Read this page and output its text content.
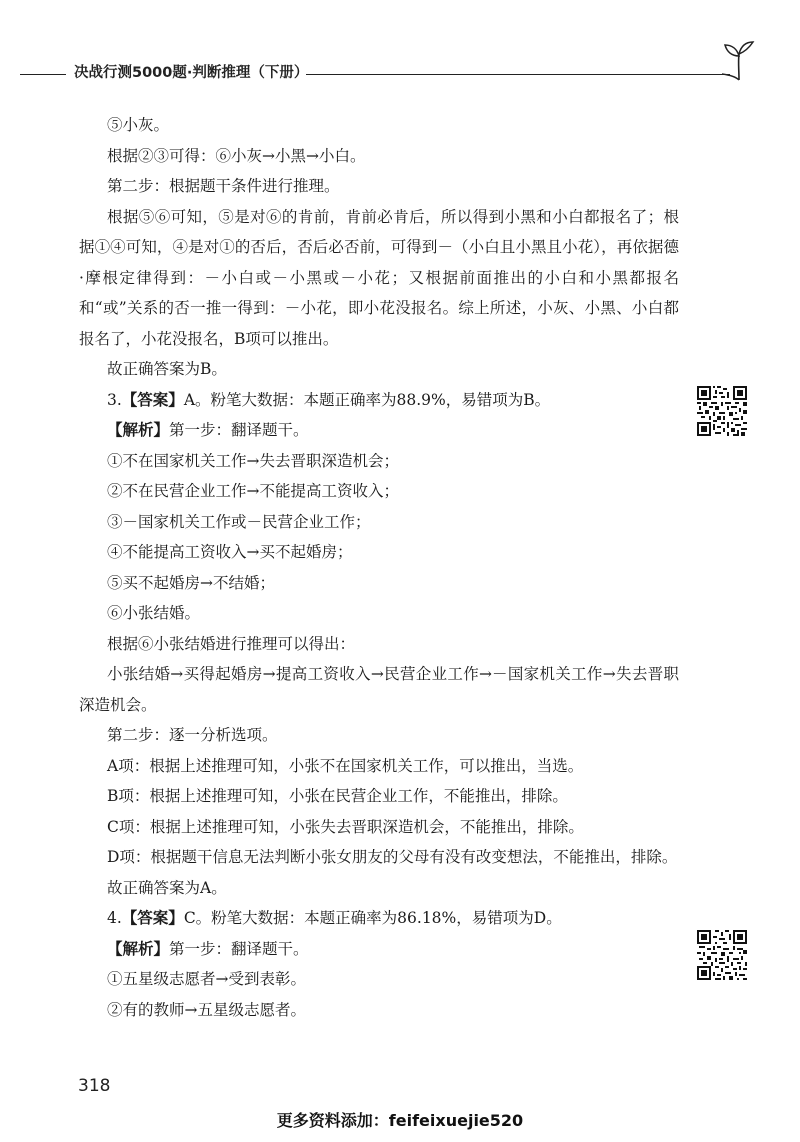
决战行测5000题·判断推理（下册）

⑤小灰。

根据②③可得：⑥小灰→小黑→小白。

第二步：根据题干条件进行推理。

根据⑤⑥可知，⑤是对⑥的肯前，肯前必肯后，所以得到小黑和小白都报名了；根据①④可知，④是对①的否后，否后必否前，可得到－（小白且小黑且小花），再依据德·摩根定律得到：－小白或－小黑或－小花；又根据前面推出的小白和小黑都报名和“或”关系的否一推一得到：－小花，即小花没报名。综上所述，小灰、小黑、小白都报名了，小花没报名，B项可以推出。

故正确答案为B。

3.【答案】A。粉笔大数据：本题正确率为88.9%，易错项为B。

【解析】第一步：翻译题干。

①不在国家机关工作→失去晋职深造机会；

②不在民营企业工作→不能提高工资收入；

③－国家机关工作或－民营企业工作；

④不能提高工资收入→买不起婚房；

⑤买不起婚房→不结婚；

⑥小张结婚。

根据⑥小张结婚进行推理可以得出：

小张结婚→买得起婚房→提高工资收入→民营企业工作→－国家机关工作→失去晋职深造机会。

第二步：逐一分析选项。

A项：根据上述推理可知，小张不在国家机关工作，可以推出，当选。

B项：根据上述推理可知，小张在民营企业工作，不能推出，排除。

C项：根据上述推理可知，小张失去晋职深造机会，不能推出，排除。

D项：根据题干信息无法判断小张女朋友的父母有没有改变想法，不能推出，排除。

故正确答案为A。

4.【答案】C。粉笔大数据：本题正确率为86.18%，易错项为D。

【解析】第一步：翻译题干。

①五星级志愿者→受到表彰。

②有的教师→五星级志愿者。

318
更多资料添加：feifeixuejie520
